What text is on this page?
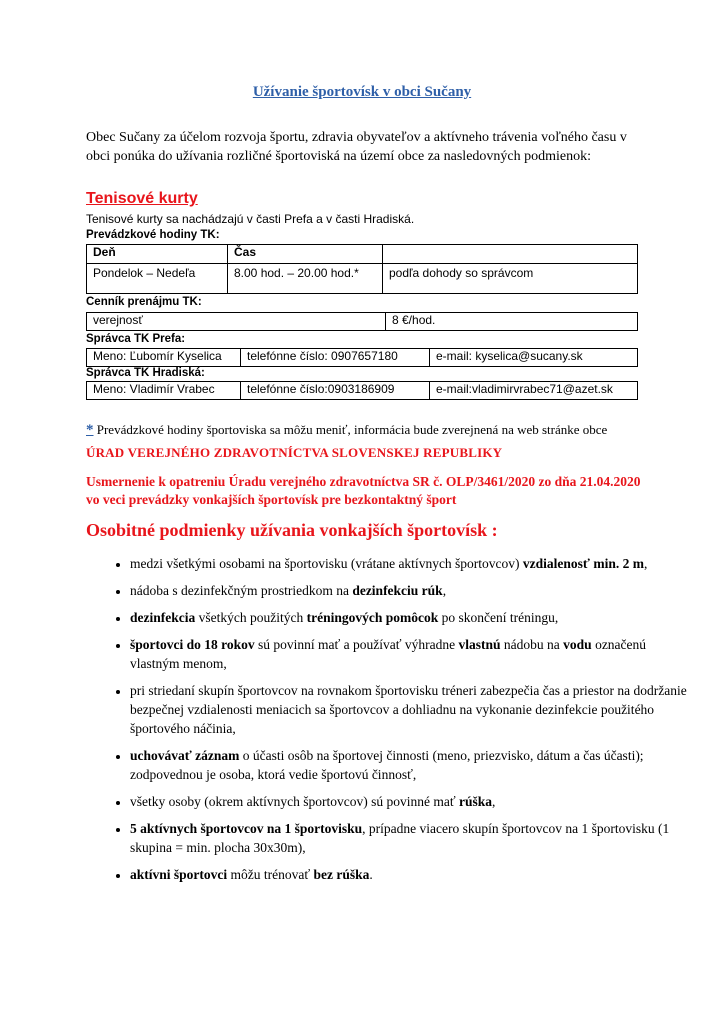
Užívanie športovísk v obci Sučany
Obec Sučany za účelom rozvoja športu, zdravia obyvateľov a aktívneho trávenia voľného času v obci ponúka do užívania rozličné športoviská na území obce za nasledovných podmienok:
Tenisové kurty
Tenisové kurty sa nachádzajú v časti Prefa a v časti Hradiská.
Prevádzkové hodiny TK:
Deň	Čas	
Pondelok – Nedeľa	8.00 hod. – 20.00 hod.*	podľa dohody so správcom
Cenník prenájmu TK:
verejnosť	8 €/hod.
Správca TK Prefa:
Meno: Ľubomír Kyselica	telefónne číslo: 0907657180	e-mail: kyselica@sucany.sk
Správca TK Hradiská:
Meno: Vladimír Vrabec	telefónne číslo:0903186909	e-mail:vladimirvrabec71@azet.sk
* Prevádzkové hodiny športoviska sa môžu meniť, informácia bude zverejnená na web stránke obce
ÚRAD VEREJNÉHO ZDRAVOTNÍCTVA SLOVENSKEJ REPUBLIKY
Usmernenie k opatreniu Úradu verejného zdravotníctva SR č. OLP/3461/2020 zo dňa 21.04.2020 vo veci prevádzky vonkajších športovísk pre bezkontaktný šport
Osobitné podmienky užívania vonkajších športovísk :
• medzi všetkými osobami na športovisku (vrátane aktívnych športovcov) vzdialenosť min. 2 m,
• nádoba s dezinfekčným prostriedkom na dezinfekciu rúk,
• dezinfekcia všetkých použitých tréningových pomôcok po skončení tréningu,
• športovci do 18 rokov sú povinní mať a používať výhradne vlastnú nádobu na vodu označenú vlastným menom,
• pri striedaní skupín športovcov na rovnakom športovisku tréneri zabezpečia čas a priestor na dodržanie bezpečnej vzdialenosti meniacich sa športovcov a dohliadnu na vykonanie dezinfekcie použitého športového náčinia,
• uchovávať záznam o účasti osôb na športovej činnosti (meno, priezvisko, dátum a čas účasti); zodpovednou je osoba, ktorá vedie športovú činnosť,
• všetky osoby (okrem aktívnych športovcov) sú povinné mať rúška,
• 5 aktívnych športovcov na 1 športovisku, prípadne viacero skupín športovcov na 1 športovisku (1 skupina = min. plocha 30x30m),
• aktívni športovci môžu trénovať bez rúška.
